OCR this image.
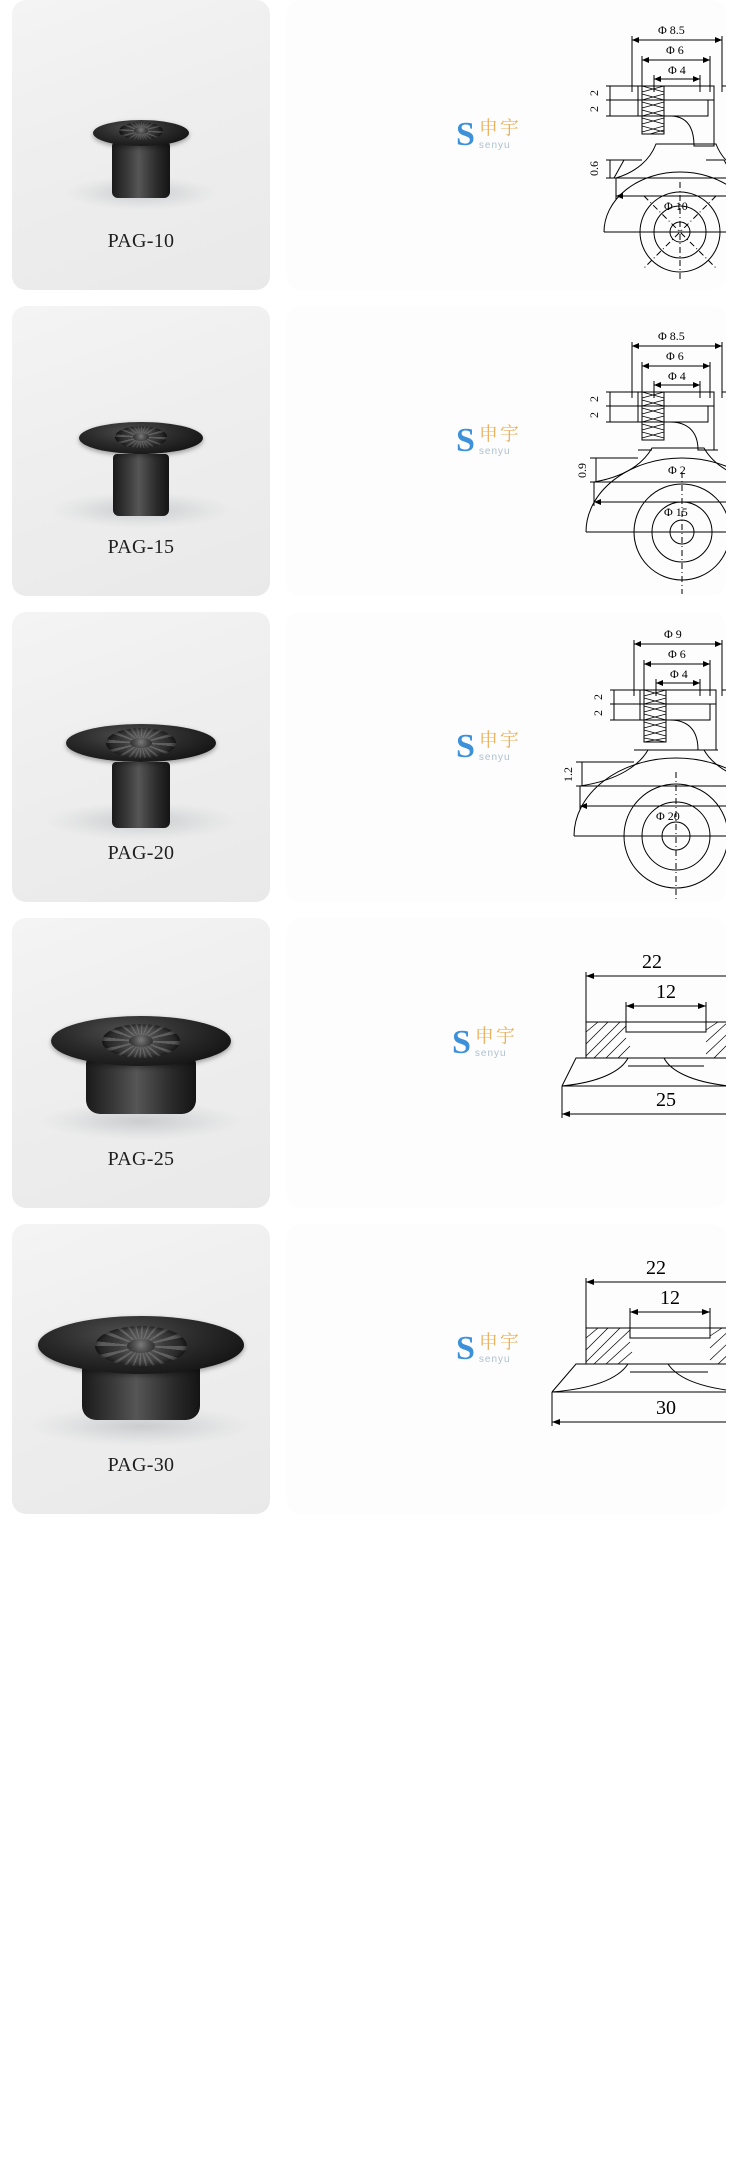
PAG-10
Φ 8.5
Φ 6
Φ 4
2
2
0.6
Φ 10
S 申宇
senyu
PAG-15
Φ 8.5
Φ 6
Φ 4
2
2
0.9	Φ 2
Φ 15
S 申宇
senyu
PAG-20
Φ 9
Φ 6
Φ 4
2
2
1.2
Φ 20
S 申宇
senyu
PAG-25
22
12
25
S 申宇
senyu
PAG-30
22
12
30
S 申宇
senyu
